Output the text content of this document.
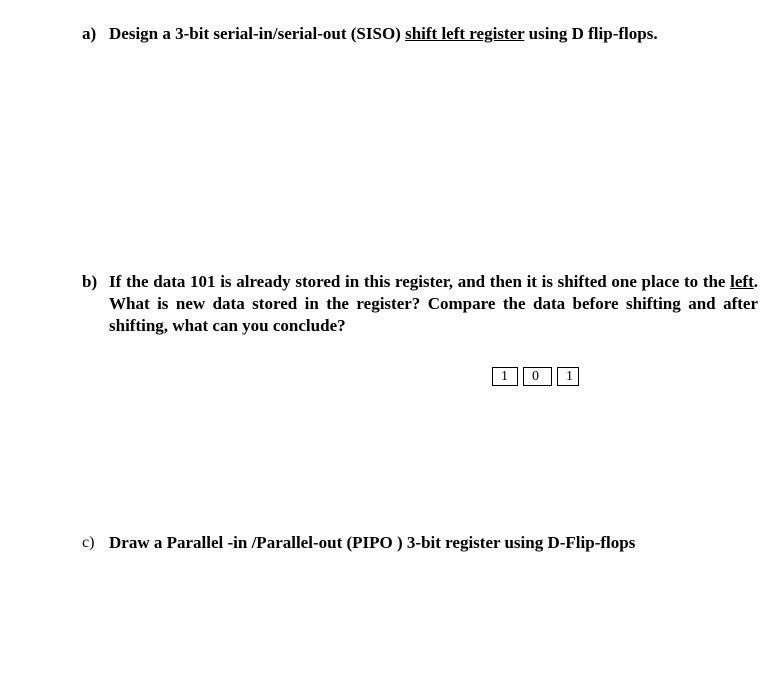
a) Design a 3-bit serial-in/serial-out (SISO) shift left register using D flip-flops.
b) If the data 101 is already stored in this register, and then it is shifted one place to the left. What is new data stored in the register? Compare the data before shifting and after shifting, what can you conclude?
1	0	1
c) Draw a Parallel -in /Parallel-out (PIPO ) 3-bit register using D-Flip-flops
